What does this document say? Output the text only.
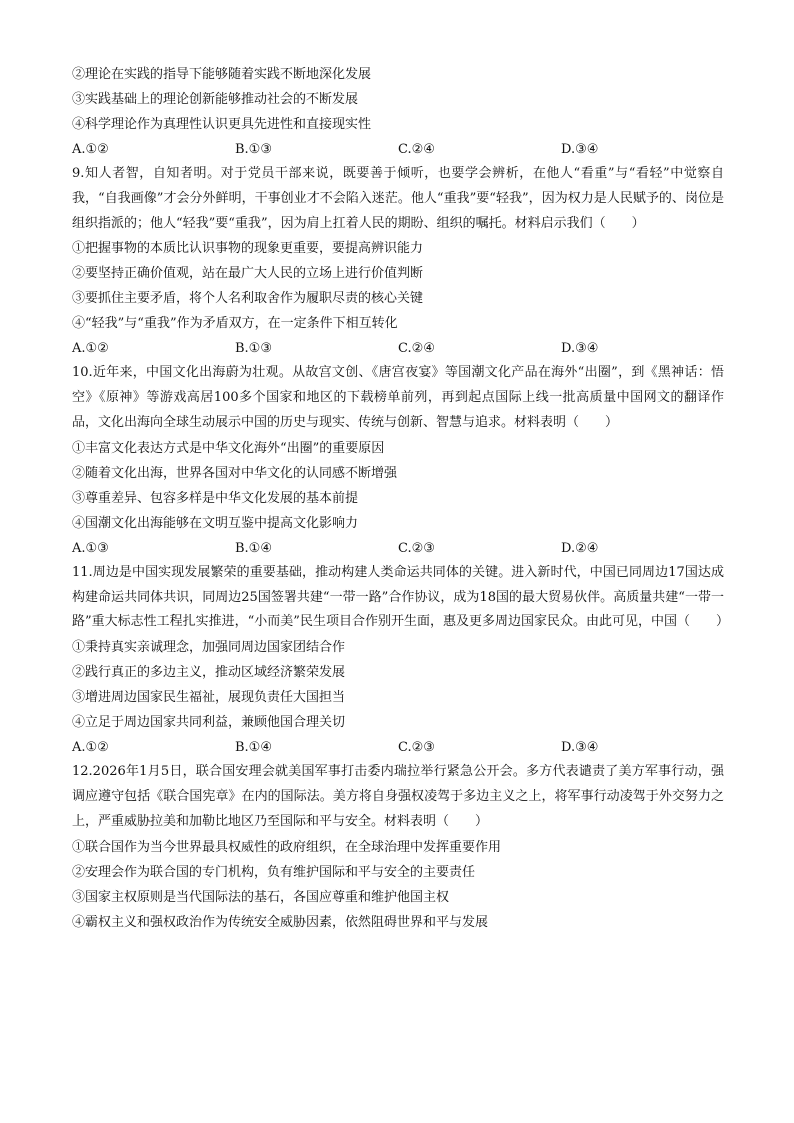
②理论在实践的指导下能够随着实践不断地深化发展
③实践基础上的理论创新能够推动社会的不断发展
④科学理论作为真理性认识更具先进性和直接现实性
A.①②	B.①③	C.②④	D.③④
9.知人者智，自知者明。对于党员干部来说，既要善于倾听，也要学会辨析，在他人“看重”与“看轻”中觉察自我，“自我画像”才会分外鲜明，干事创业才不会陷入迷茫。他人“重我”要“轻我”，因为权力是人民赋予的、岗位是组织指派的；他人“轻我”要“重我”，因为肩上扛着人民的期盼、组织的嘱托。材料启示我们（　　）
①把握事物的本质比认识事物的现象更重要，要提高辨识能力
②要坚持正确价值观，站在最广大人民的立场上进行价值判断
③要抓住主要矛盾，将个人名利取舍作为履职尽责的核心关键
④“轻我”与“重我”作为矛盾双方，在一定条件下相互转化
A.①②	B.①③	C.②④	D.③④
10.近年来，中国文化出海蔚为壮观。从故宫文创、《唐宫夜宴》等国潮文化产品在海外“出圈”，到《黑神话：悟空》《原神》等游戏高居100多个国家和地区的下载榜单前列，再到起点国际上线一批高质量中国网文的翻译作品，文化出海向全球生动展示中国的历史与现实、传统与创新、智慧与追求。材料表明（　　）
①丰富文化表达方式是中华文化海外“出圈”的重要原因
②随着文化出海，世界各国对中华文化的认同感不断增强
③尊重差异、包容多样是中华文化发展的基本前提
④国潮文化出海能够在文明互鉴中提高文化影响力
A.①③	B.①④	C.②③	D.②④
11.周边是中国实现发展繁荣的重要基础，推动构建人类命运共同体的关键。进入新时代，中国已同周边17国达成构建命运共同体共识，同周边25国签署共建“一带一路”合作协议，成为18国的最大贸易伙伴。高质量共建“一带一路”重大标志性工程扎实推进，“小而美”民生项目合作别开生面，惠及更多周边国家民众。由此可见，中国（　　）
①秉持真实亲诚理念，加强同周边国家团结合作
②践行真正的多边主义，推动区域经济繁荣发展
③增进周边国家民生福祉，展现负责任大国担当
④立足于周边国家共同利益，兼顾他国合理关切
A.①②	B.①④	C.②③	D.③④
12.2026年1月5日，联合国安理会就美国军事打击委内瑞拉举行紧急公开会。多方代表谴责了美方军事行动，强调应遵守包括《联合国宪章》在内的国际法。美方将自身强权凌驾于多边主义之上，将军事行动凌驾于外交努力之上，严重威胁拉美和加勒比地区乃至国际和平与安全。材料表明（　　）
①联合国作为当今世界最具权威性的政府组织，在全球治理中发挥重要作用
②安理会作为联合国的专门机构，负有维护国际和平与安全的主要责任
③国家主权原则是当代国际法的基石，各国应尊重和维护他国主权
④霸权主义和强权政治作为传统安全威胁因素，依然阻碍世界和平与发展
